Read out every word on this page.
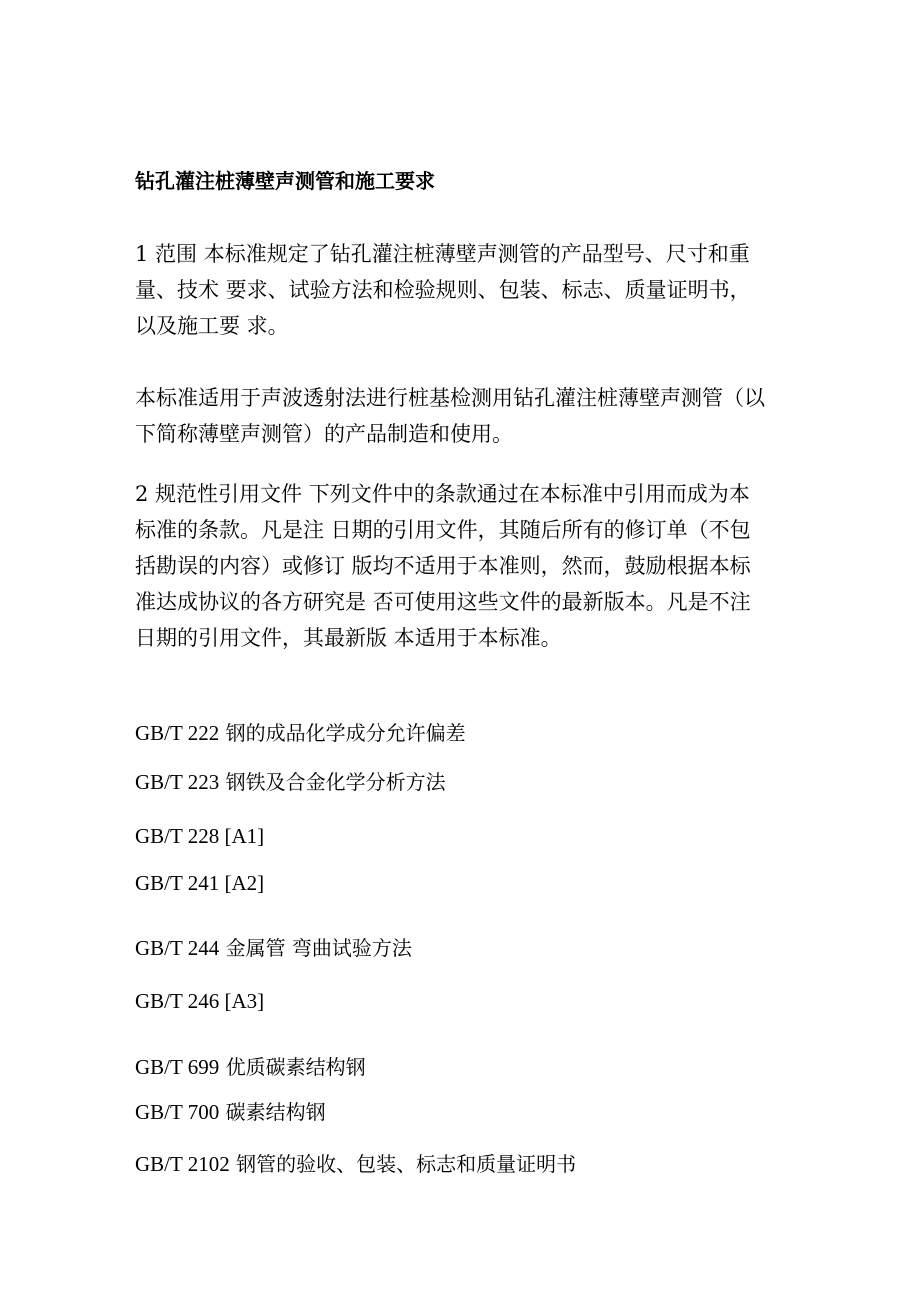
钻孔灌注桩薄壁声测管和施工要求
1 范围 本标准规定了钻孔灌注桩薄壁声测管的产品型号、尺寸和重
量、技术 要求、试验方法和检验规则、包装、标志、质量证明书，
以及施工要 求。
本标准适用于声波透射法进行桩基检测用钻孔灌注桩薄壁声测管（以
下简称薄壁声测管）的产品制造和使用。
2 规范性引用文件 下列文件中的条款通过在本标准中引用而成为本
标准的条款。凡是注 日期的引用文件，其随后所有的修订单（不包
括勘误的内容）或修订 版均不适用于本准则，然而，鼓励根据本标
准达成协议的各方研究是 否可使用这些文件的最新版本。凡是不注
日期的引用文件，其最新版 本适用于本标准。
GB/T 222 钢的成品化学成分允许偏差
GB/T 223 钢铁及合金化学分析方法
GB/T 228 [A1]
GB/T 241 [A2]
GB/T 244 金属管 弯曲试验方法
GB/T 246 [A3]
GB/T 699 优质碳素结构钢
GB/T 700 碳素结构钢
GB/T 2102 钢管的验收、包装、标志和质量证明书
